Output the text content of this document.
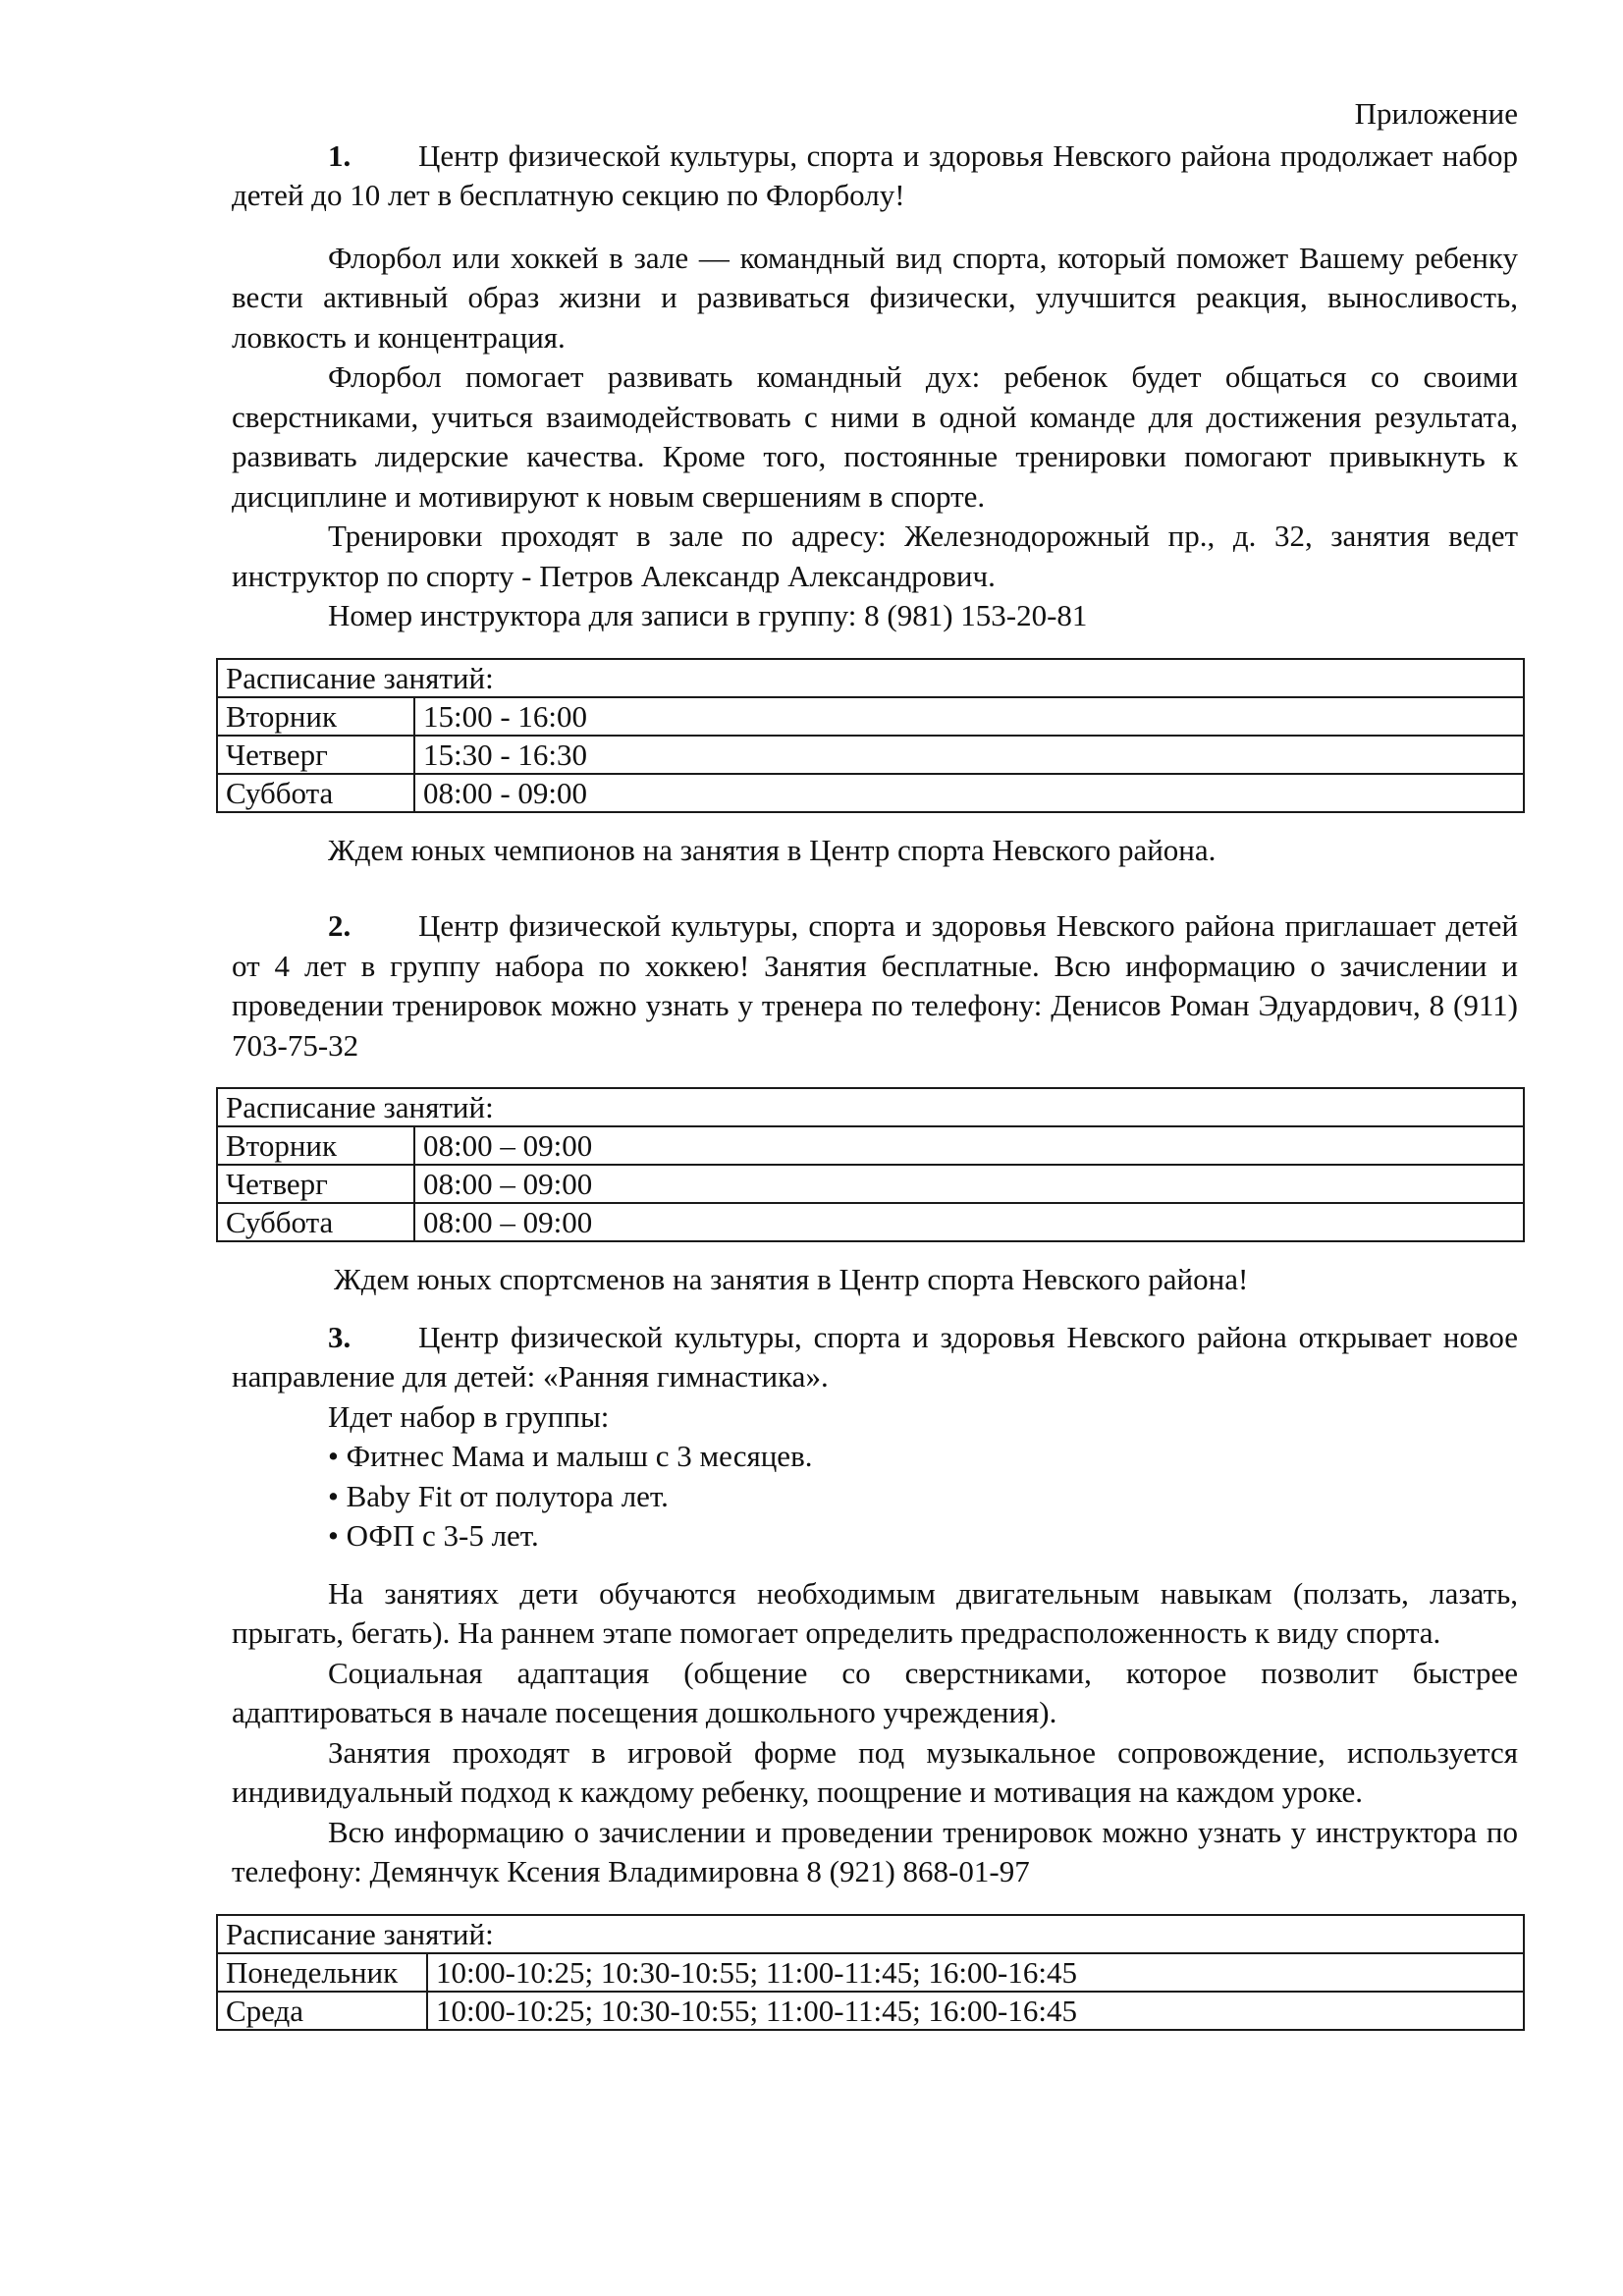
Приложение

1. Центр физической культуры, спорта и здоровья Невского района продолжает набор детей до 10 лет в бесплатную секцию по Флорболу!

Флорбол или хоккей в зале — командный вид спорта, который поможет Вашему ребенку вести активный образ жизни и развиваться физически, улучшится реакция, выносливость, ловкость и концентрация.

Флорбол помогает развивать командный дух: ребенок будет общаться со своими сверстниками, учиться взаимодействовать с ними в одной команде для достижения результата, развивать лидерские качества. Кроме того, постоянные тренировки помогают привыкнуть к дисциплине и мотивируют к новым свершениям в спорте.

Тренировки проходят в зале по адресу: Железнодорожный пр., д. 32, занятия ведет инструктор по спорту - Петров Александр Александрович.

Номер инструктора для записи в группу: 8 (981) 153-20-81

Расписание занятий:	
Вторник	15:00 - 16:00
Четверг	15:30 - 16:30
Суббота	08:00 - 09:00

Ждем юных чемпионов на занятия в Центр спорта Невского района.

2. Центр физической культуры, спорта и здоровья Невского района приглашает детей от 4 лет в группу набора по хоккею! Занятия бесплатные. Всю информацию о зачислении и проведении тренировок можно узнать у тренера по телефону: Денисов Роман Эдуардович, 8 (911) 703-75-32

Расписание занятий:	
Вторник	08:00 – 09:00
Четверг	08:00 – 09:00
Суббота	08:00 – 09:00

Ждем юных спортсменов на занятия в Центр спорта Невского района!

3. Центр физической культуры, спорта и здоровья Невского района открывает новое направление для детей: «Ранняя гимнастика».

Идет набор в группы:

• Фитнес Мама и малыш с 3 месяцев.

• Baby Fit от полутора лет.

• ОФП с 3-5 лет.

На занятиях дети обучаются необходимым двигательным навыкам (ползать, лазать, прыгать, бегать). На раннем этапе помогает определить предрасположенность к виду спорта.

Социальная адаптация (общение со сверстниками, которое позволит быстрее адаптироваться в начале посещения дошкольного учреждения).

Занятия проходят в игровой форме под музыкальное сопровождение, используется индивидуальный подход к каждому ребенку, поощрение и мотивация на каждом уроке.

Всю информацию о зачислении и проведении тренировок можно узнать у инструктора по телефону: Демянчук Ксения Владимировна 8 (921) 868-01-97

Расписание занятий:	
Понедельник	10:00-10:25; 10:30-10:55; 11:00-11:45; 16:00-16:45
Среда	10:00-10:25; 10:30-10:55; 11:00-11:45; 16:00-16:45
